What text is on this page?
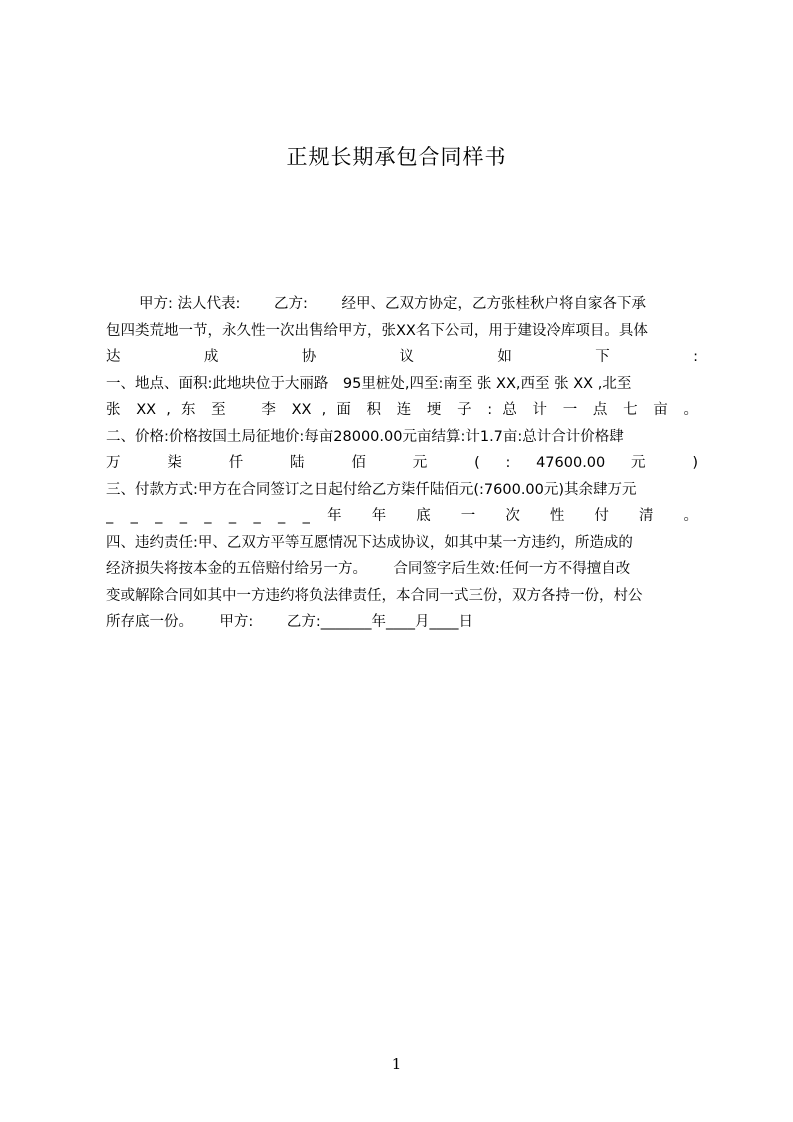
正规长期承包合同样书
甲方: 法人代表:　　 乙方:　　 经甲、乙双方协定，乙方张桂秋户将自家各下承
包四类荒地一节，永久性一次出售给甲方，张XX名下公司，用于建设冷库项目。具体
达 成 协 议 如 下 :
一、地点、面积:此地块位于大丽路　95里桩处,四至:南至 张 XX,西至 张 XX ,北至
张 XX , 东 至　 李 XX , 面 积 连 埂 子 : 总 计 一 点 七 亩 。
二、价格:价格按国土局征地价:每亩28000.00元亩结算:计1.7亩:总计合计价格肆
万 柒 仟 陆 佰 元 ( : 47600.00 元 )
三、付款方式:甲方在合同签订之日起付给乙方柒仟陆佰元(:7600.00元)其余肆万元
_ _ _ _ _ _ _ _ _ 年 年 底 一 次 性 付 清 。
四、违约责任:甲、乙双方平等互愿情况下达成协议，如其中某一方违约，所造成的
经济损失将按本金的五倍赔付给另一方。　　 合同签字后生效:任何一方不得擅自改
变或解除合同如其中一方违约将负法律责任，本合同一式三份，双方各持一份，村公
所存底一份。　　 甲方:　　 乙方:_______年____月____日
1
